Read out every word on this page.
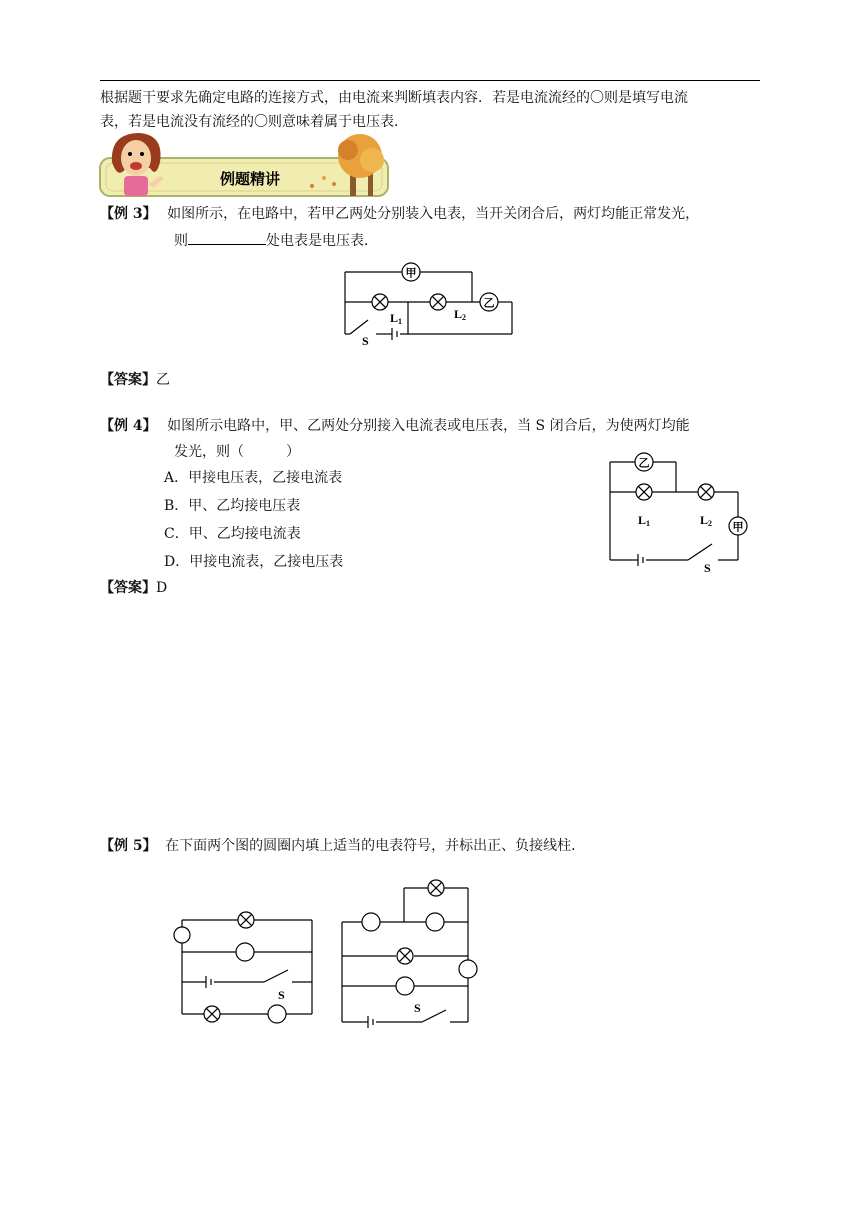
根据题干要求先确定电路的连接方式，由电流来判断填表内容．若是电流流经的〇则是填写电流
表，若是电流没有流经的〇则意味着属于电压表．
例题精讲
【例 3】 如图所示，在电路中，若甲乙两处分别装入电表，当开关闭合后，两灯均能正常发光，
则	处电表是电压表．
甲
乙
L1
L2
S
【答案】乙
【例 4】 如图所示电路中，甲、乙两处分别接入电流表或电压表，当 S 闭合后，为使两灯均能
发光，则（　　　）
A．甲接电压表，乙接电流表
B．甲、乙均接电压表
C．甲、乙均接电流表
D．甲接电流表，乙接电压表
乙
甲
L1	L2
S
【答案】D
【例 5】 在下面两个图的圆圈内填上适当的电表符号，并标出正、负接线柱．
S
S
